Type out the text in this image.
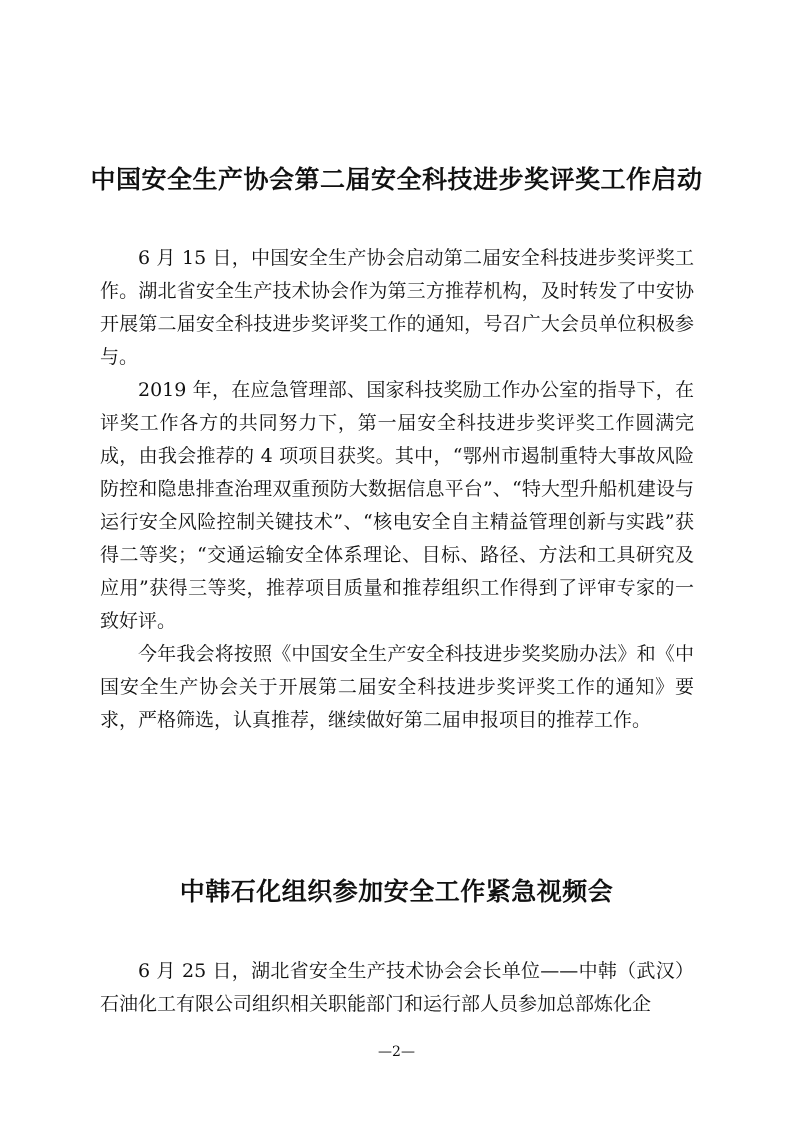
中国安全生产协会第二届安全科技进步奖评奖工作启动

6 月 15 日，中国安全生产协会启动第二届安全科技进步奖评奖工作。湖北省安全生产技术协会作为第三方推荐机构，及时转发了中安协开展第二届安全科技进步奖评奖工作的通知，号召广大会员单位积极参与。

2019 年，在应急管理部、国家科技奖励工作办公室的指导下，在评奖工作各方的共同努力下，第一届安全科技进步奖评奖工作圆满完成，由我会推荐的 4 项项目获奖。其中，“鄂州市遏制重特大事故风险防控和隐患排查治理双重预防大数据信息平台”、“特大型升船机建设与运行安全风险控制关键技术”、“核电安全自主精益管理创新与实践”获得二等奖；“交通运输安全体系理论、目标、路径、方法和工具研究及应用”获得三等奖，推荐项目质量和推荐组织工作得到了评审专家的一致好评。

今年我会将按照《中国安全生产安全科技进步奖奖励办法》和《中国安全生产协会关于开展第二届安全科技进步奖评奖工作的通知》要求，严格筛选，认真推荐，继续做好第二届申报项目的推荐工作。

中韩石化组织参加安全工作紧急视频会

6 月 25 日，湖北省安全生产技术协会会长单位——中韩（武汉）石油化工有限公司组织相关职能部门和运行部人员参加总部炼化企

—2—
